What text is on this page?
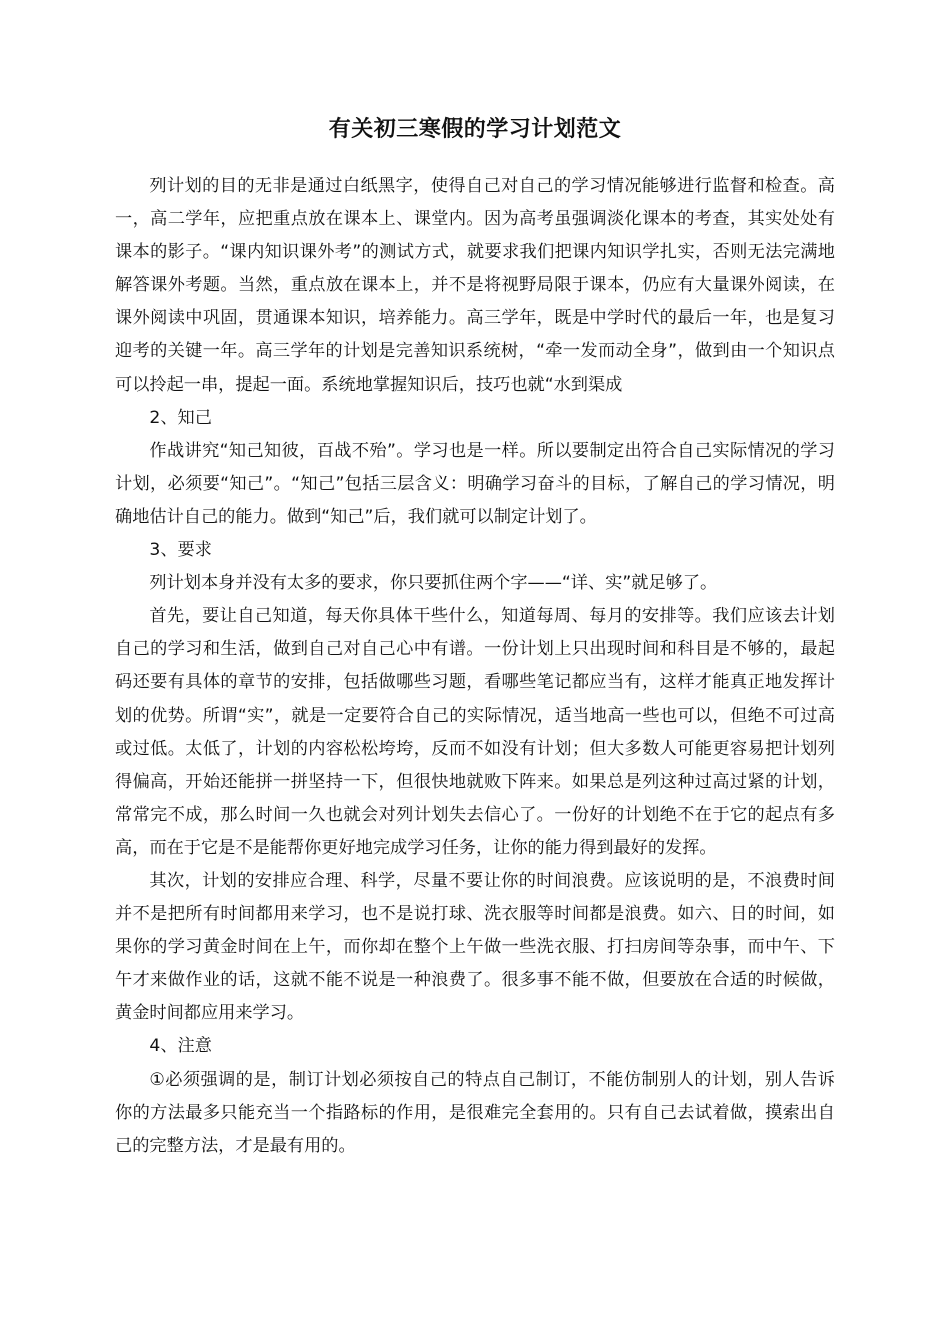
有关初三寒假的学习计划范文

列计划的目的无非是通过白纸黑字，使得自己对自己的学习情况能够进行监督和检查。高一，高二学年，应把重点放在课本上、课堂内。因为高考虽强调淡化课本的考查，其实处处有课本的影子。“课内知识课外考”的测试方式，就要求我们把课内知识学扎实，否则无法完满地解答课外考题。当然，重点放在课本上，并不是将视野局限于课本，仍应有大量课外阅读，在课外阅读中巩固，贯通课本知识，培养能力。高三学年，既是中学时代的最后一年，也是复习迎考的关键一年。高三学年的计划是完善知识系统树，“牵一发而动全身”，做到由一个知识点可以拎起一串，提起一面。系统地掌握知识后，技巧也就“水到渠成

2、知己

作战讲究“知己知彼，百战不殆”。学习也是一样。所以要制定出符合自己实际情况的学习计划，必须要“知己”。“知己”包括三层含义：明确学习奋斗的目标，了解自己的学习情况，明确地估计自己的能力。做到“知己”后，我们就可以制定计划了。

3、要求

列计划本身并没有太多的要求，你只要抓住两个字——“详、实”就足够了。

首先，要让自己知道，每天你具体干些什么，知道每周、每月的安排等。我们应该去计划自己的学习和生活，做到自己对自己心中有谱。一份计划上只出现时间和科目是不够的，最起码还要有具体的章节的安排，包括做哪些习题，看哪些笔记都应当有，这样才能真正地发挥计划的优势。所谓“实”，就是一定要符合自己的实际情况，适当地高一些也可以，但绝不可过高或过低。太低了，计划的内容松松垮垮，反而不如没有计划；但大多数人可能更容易把计划列得偏高，开始还能拼一拼坚持一下，但很快地就败下阵来。如果总是列这种过高过紧的计划，常常完不成，那么时间一久也就会对列计划失去信心了。一份好的计划绝不在于它的起点有多高，而在于它是不是能帮你更好地完成学习任务，让你的能力得到最好的发挥。

其次，计划的安排应合理、科学，尽量不要让你的时间浪费。应该说明的是，不浪费时间并不是把所有时间都用来学习，也不是说打球、洗衣服等时间都是浪费。如六、日的时间，如果你的学习黄金时间在上午，而你却在整个上午做一些洗衣服、打扫房间等杂事，而中午、下午才来做作业的话，这就不能不说是一种浪费了。很多事不能不做，但要放在合适的时候做，黄金时间都应用来学习。

4、注意

①必须强调的是，制订计划必须按自己的特点自己制订，不能仿制别人的计划，别人告诉你的方法最多只能充当一个指路标的作用，是很难完全套用的。只有自己去试着做，摸索出自己的完整方法，才是最有用的。
